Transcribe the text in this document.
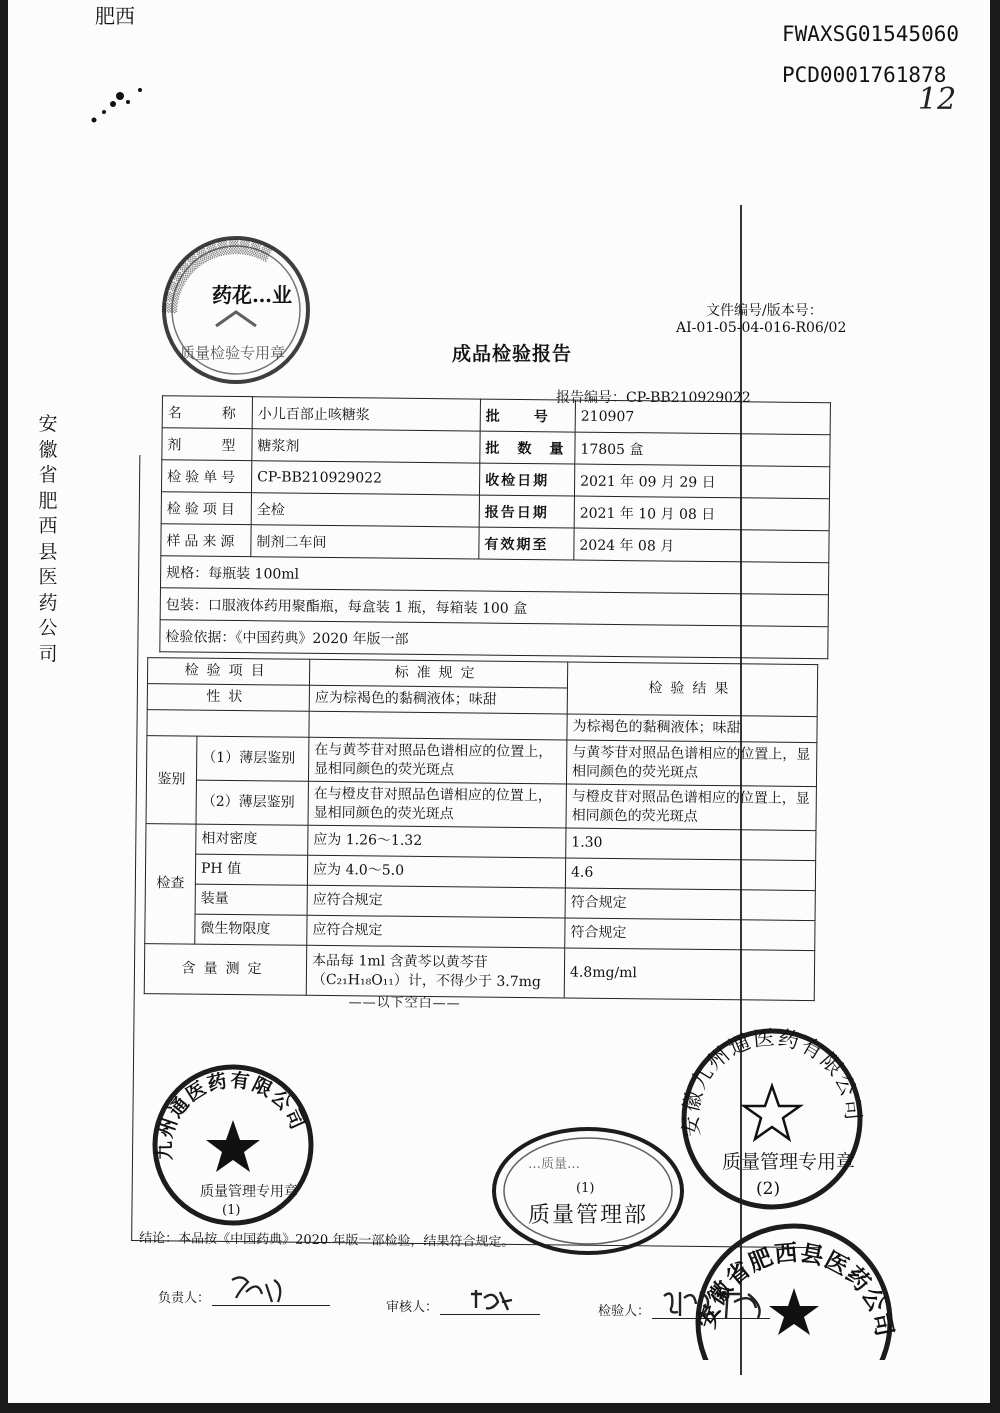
肥西
FWAXSG01545060
PCD0001761878
12
安徽省肥西县医药公司
文件编号/版本号：
AI-01-05-04-016-R06/02
成品检验报告
报告编号：CP-BB210929022
名　　称	小儿百部止咳糖浆	批　　号	210907
剂　　型	糖浆剂	批　数　量	17805 盒
检验单号	CP-BB210929022	收检日期	2021 年 09 月 29 日
检验项目	全检	报告日期	2021 年 10 月 08 日
样品来源	制剂二车间	有效期至	2024 年 08 月
规格：每瓶装 100ml			
包装：口服液体药用聚酯瓶，每盒装 1 瓶，每箱装 100 盒			
检验依据：《中国药典》2020 年版一部			
检验项目		标准规定	检验结果
性状		应为棕褐色的黏稠液体；味甜	
			为棕褐色的黏稠液体；味甜
鉴别	（1）薄层鉴别	在与黄芩苷对照品色谱相应的位置上，显相同颜色的荧光斑点	与黄芩苷对照品色谱相应的位置上，显相同颜色的荧光斑点
	（2）薄层鉴别	在与橙皮苷对照品色谱相应的位置上，显相同颜色的荧光斑点	与橙皮苷对照品色谱相应的位置上，显相同颜色的荧光斑点
检查	相对密度	应为 1.26～1.32	1.30
	PH 值	应为 4.0～5.0	4.6
	装量	应符合规定	符合规定
	微生物限度	应符合规定	符合规定
含量测定		本品每 1ml 含黄芩以黄芩苷（C₂₁H₁₈O₁₁）计，不得少于 3.7mg	4.8mg/ml
——以下空白——
结论：本品按《中国药典》2020 年版一部检验，结果符合规定。
负责人：
审核人：	检验人：
▒▒▒▒▒▒▒▒▒▒▒▒▒
药花…业
质量检验专用章
九州通医药有限公司
质量管理专用章
(1)
…质量…
(1)
质量管理部
安徽九州通医药有限公司
质量管理专用章
(2)
安徽省肥西县医药公司
